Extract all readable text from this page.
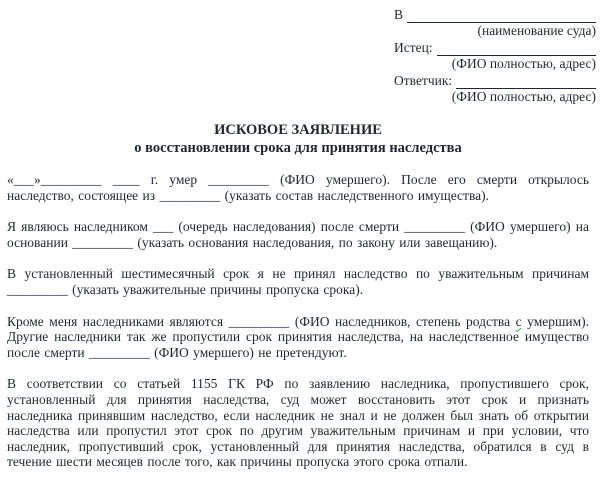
В
(наименование суда)
Истец:
(ФИО полностью, адрес)
Ответчик:
(ФИО полностью, адрес)
ИСКОВОЕ ЗАЯВЛЕНИЕ
о восстановлении срока для принятия наследства

«___»_________ ____ г. умер _________ (ФИО умершего). После его смерти открылось наследство, состоящее из _________ (указать состав наследственного имущества).

Я являюсь наследником ___ (очередь наследования) после смерти _________ (ФИО умершего) на основании _________ (указать основания наследования, по закону или завещанию).

В установленный шестимесячный срок я не принял наследство по уважительным причинам _________ (указать уважительные причины пропуска срока).

Кроме меня наследниками являются _________ (ФИО наследников, степень родства с умершим). Другие наследники так же пропустили срок принятия наследства, на наследственное имущество после смерти _________ (ФИО умершего) не претендуют.

В соответствии со статьей 1155 ГК РФ по заявлению наследника, пропустившего срок, установленный для принятия наследства, суд может восстановить этот срок и признать наследника принявшим наследство, если наследник не знал и не должен был знать об открытии наследства или пропустил этот срок по другим уважительным причинам и при условии, что наследник, пропустивший срок, установленный для принятия наследства, обратился в суд в течение шести месяцев после того, как причины пропуска этого срока отпали.
